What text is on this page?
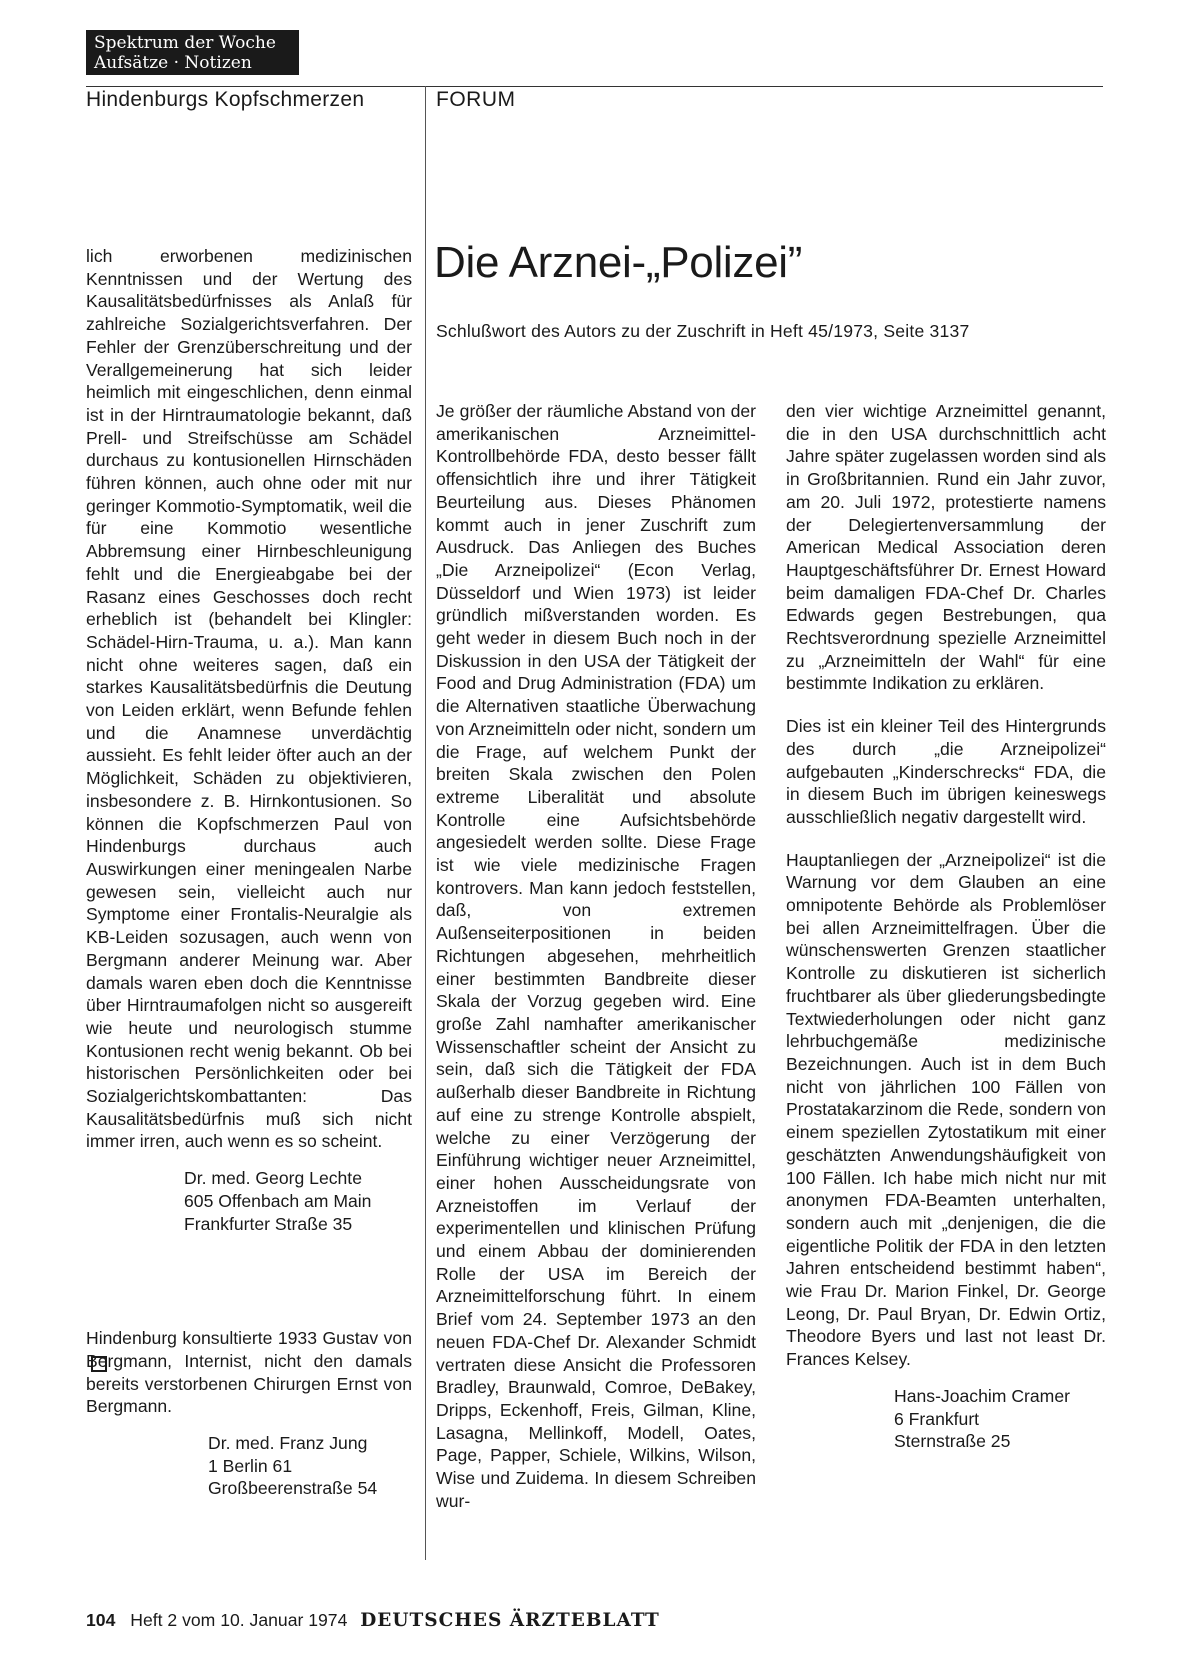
Spektrum der Woche
Aufsätze · Notizen
Hindenburgs Kopfschmerzen	FORUM

lich erworbenen medizinischen Kenntnissen und der Wertung des Kausalitätsbedürfnisses als Anlaß für zahlreiche Sozialgerichtsverfahren. Der Fehler der Grenzüberschreitung und der Verallgemeinerung hat sich leider heimlich mit eingeschlichen, denn einmal ist in der Hirntraumatologie bekannt, daß Prell- und Streifschüsse am Schädel durchaus zu kontusionellen Hirnschäden führen können, auch ohne oder mit nur geringer Kommotio-Symptomatik, weil die für eine Kommotio wesentliche Abbremsung einer Hirnbeschleunigung fehlt und die Energieabgabe bei der Rasanz eines Geschosses doch recht erheblich ist (behandelt bei Klingler: Schädel-Hirn-Trauma, u. a.). Man kann nicht ohne weiteres sagen, daß ein starkes Kausalitätsbedürfnis die Deutung von Leiden erklärt, wenn Befunde fehlen und die Anamnese unverdächtig aussieht. Es fehlt leider öfter auch an der Möglichkeit, Schäden zu objektivieren, insbesondere z. B. Hirnkontusionen. So können die Kopfschmerzen Paul von Hindenburgs durchaus auch Auswirkungen einer meningealen Narbe gewesen sein, vielleicht auch nur Symptome einer Frontalis-Neuralgie als KB-Leiden sozusagen, auch wenn von Bergmann anderer Meinung war. Aber damals waren eben doch die Kenntnisse über Hirntraumafolgen nicht so ausgereift wie heute und neurologisch stumme Kontusionen recht wenig bekannt. Ob bei historischen Persönlichkeiten oder bei Sozialgerichtskombattanten: Das Kausalitätsbedürfnis muß sich nicht immer irren, auch wenn es so scheint.

Dr. med. Georg Lechte
605 Offenbach am Main
Frankfurter Straße 35

Hindenburg konsultierte 1933 Gustav von Bergmann, Internist, nicht den damals bereits verstorbenen Chirurgen Ernst von Bergmann.

Dr. med. Franz Jung
1 Berlin 61
Großbeerenstraße 54
Die Arznei-„Polizei”
Schlußwort des Autors zu der Zuschrift in Heft 45/1973, Seite 3137

Je größer der räumliche Abstand von der amerikanischen Arzneimittel-Kontrollbehörde FDA, desto besser fällt offensichtlich ihre und ihrer Tätigkeit Beurteilung aus. Dieses Phänomen kommt auch in jener Zuschrift zum Ausdruck. Das Anliegen des Buches „Die Arzneipolizei“ (Econ Verlag, Düsseldorf und Wien 1973) ist leider gründlich mißverstanden worden. Es geht weder in diesem Buch noch in der Diskussion in den USA der Tätigkeit der Food and Drug Administration (FDA) um die Alternativen staatliche Überwachung von Arzneimitteln oder nicht, sondern um die Frage, auf welchem Punkt der breiten Skala zwischen den Polen extreme Liberalität und absolute Kontrolle eine Aufsichtsbehörde angesiedelt werden sollte. Diese Frage ist wie viele medizinische Fragen kontrovers. Man kann jedoch feststellen, daß, von extremen Außenseiterpositionen in beiden Richtungen abgesehen, mehrheitlich einer bestimmten Bandbreite dieser Skala der Vorzug gegeben wird. Eine große Zahl namhafter amerikanischer Wissenschaftler scheint der Ansicht zu sein, daß sich die Tätigkeit der FDA außerhalb dieser Bandbreite in Richtung auf eine zu strenge Kontrolle abspielt, welche zu einer Verzögerung der Einführung wichtiger neuer Arzneimittel, einer hohen Ausscheidungsrate von Arzneistoffen im Verlauf der experimentellen und klinischen Prüfung und einem Abbau der dominierenden Rolle der USA im Bereich der Arzneimittelforschung führt. In einem Brief vom 24. September 1973 an den neuen FDA-Chef Dr. Alexander Schmidt vertraten diese Ansicht die Professoren Bradley, Braunwald, Comroe, DeBakey, Dripps, Eckenhoff, Freis, Gilman, Kline, Lasagna, Mellinkoff, Modell, Oates, Page, Papper, Schiele, Wilkins, Wilson, Wise und Zuidema. In diesem Schreiben wur-

den vier wichtige Arzneimittel genannt, die in den USA durchschnittlich acht Jahre später zugelassen worden sind als in Großbritannien. Rund ein Jahr zuvor, am 20. Juli 1972, protestierte namens der Delegiertenversammlung der American Medical Association deren Hauptgeschäftsführer Dr. Ernest Howard beim damaligen FDA-Chef Dr. Charles Edwards gegen Bestrebungen, qua Rechtsverordnung spezielle Arzneimittel zu „Arzneimitteln der Wahl“ für eine bestimmte Indikation zu erklären.

Dies ist ein kleiner Teil des Hintergrunds des durch „die Arzneipolizei“ aufgebauten „Kinderschrecks“ FDA, die in diesem Buch im übrigen keineswegs ausschließlich negativ dargestellt wird.

Hauptanliegen der „Arzneipolizei“ ist die Warnung vor dem Glauben an eine omnipotente Behörde als Problemlöser bei allen Arzneimittelfragen. Über die wünschenswerten Grenzen staatlicher Kontrolle zu diskutieren ist sicherlich fruchtbarer als über gliederungsbedingte Textwiederholungen oder nicht ganz lehrbuchgemäße medizinische Bezeichnungen. Auch ist in dem Buch nicht von jährlichen 100 Fällen von Prostatakarzinom die Rede, sondern von einem speziellen Zytostatikum mit einer geschätzten Anwendungshäufigkeit von 100 Fällen. Ich habe mich nicht nur mit anonymen FDA-Beamten unterhalten, sondern auch mit „denjenigen, die die eigentliche Politik der FDA in den letzten Jahren entscheidend bestimmt haben“, wie Frau Dr. Marion Finkel, Dr. George Leong, Dr. Paul Bryan, Dr. Edwin Ortiz, Theodore Byers und last not least Dr. Frances Kelsey.

Hans-Joachim Cramer
6 Frankfurt
Sternstraße 25
104 Heft 2 vom 10. Januar 1974 DEUTSCHES ÄRZTEBLATT
